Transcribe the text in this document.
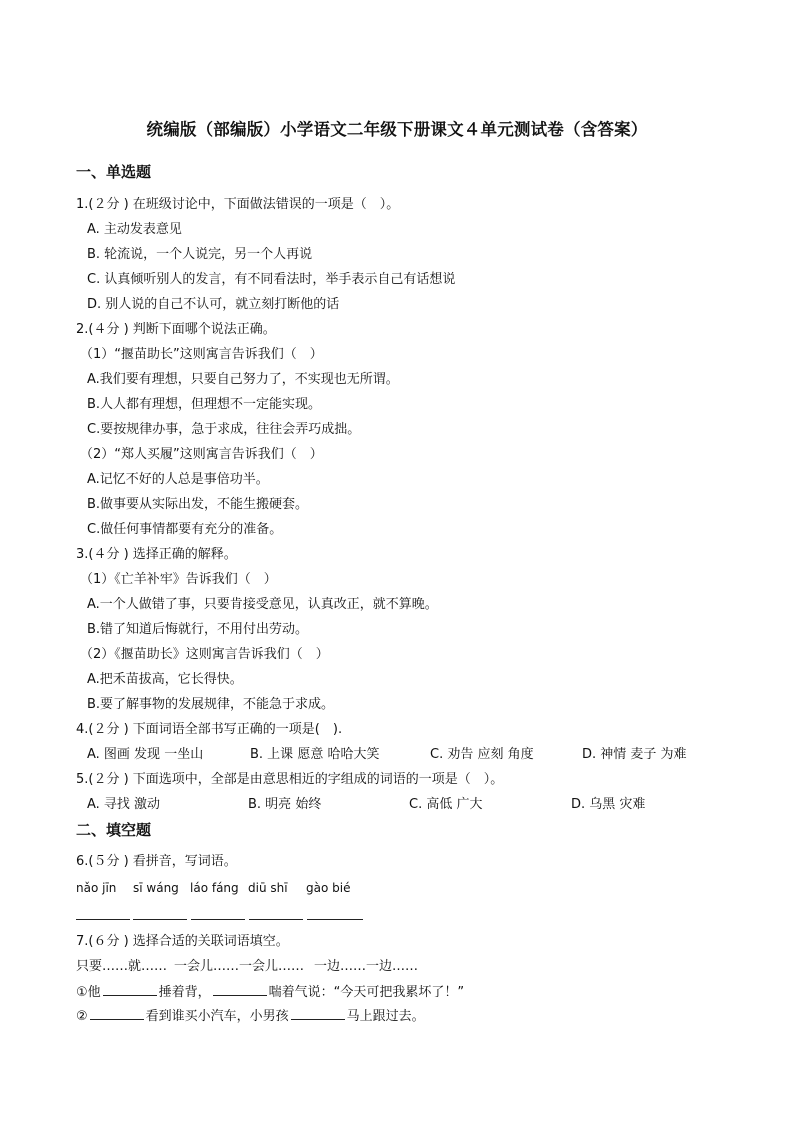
统编版（部编版）小学语文二年级下册课文４单元测试卷（含答案）
一、单选题
1.(２分 ) 在班级讨论中，下面做法错误的一项是（　）。
A. 主动发表意见
B. 轮流说，一个人说完，另一个人再说
C. 认真倾听别人的发言，有不同看法时，举手表示自己有话想说
D. 别人说的自己不认可，就立刻打断他的话
2.(４分 ) 判断下面哪个说法正确。
（1）“揠苗助长”这则寓言告诉我们（　）
A.我们要有理想，只要自己努力了，不实现也无所谓。
B.人人都有理想，但理想不一定能实现。
C.要按规律办事，急于求成，往往会弄巧成拙。
（2）“郑人买履”这则寓言告诉我们（　）
A.记忆不好的人总是事倍功半。
B.做事要从实际出发，不能生搬硬套。
C.做任何事情都要有充分的准备。
3.(４分 ) 选择正确的解释。
（1）《亡羊补牢》告诉我们（　）
A.一个人做错了事，只要肯接受意见，认真改正，就不算晚。
B.错了知道后悔就行，不用付出劳动。
（2）《揠苗助长》这则寓言告诉我们（　）
A.把禾苗拔高，它长得快。
B.要了解事物的发展规律，不能急于求成。
4.(２分 ) 下面词语全部书写正确的一项是(　).
A. 图画 发现 一坐山	B. 上课 愿意 哈哈大笑	C. 劝告 应刻 角度	D. 神情 麦子 为难
5.(２分 ) 下面选项中，全部是由意思相近的字组成的词语的一项是（　）。
A. 寻找 激动	B. 明亮 始终	C. 高低 广大	D. 乌黑 灾难
二、填空题
6.(５分 ) 看拼音，写词语。
nǎo jīn sī wáng láo fáng diū shī gào bié
7.(６分 ) 选择合适的关联词语填空。
只要……就…… 一会儿……一会儿…… 一边……一边……
①他	捶着背，	喘着气说：“今天可把我累坏了！”
②	看到谁买小汽车，小男孩	马上跟过去。
